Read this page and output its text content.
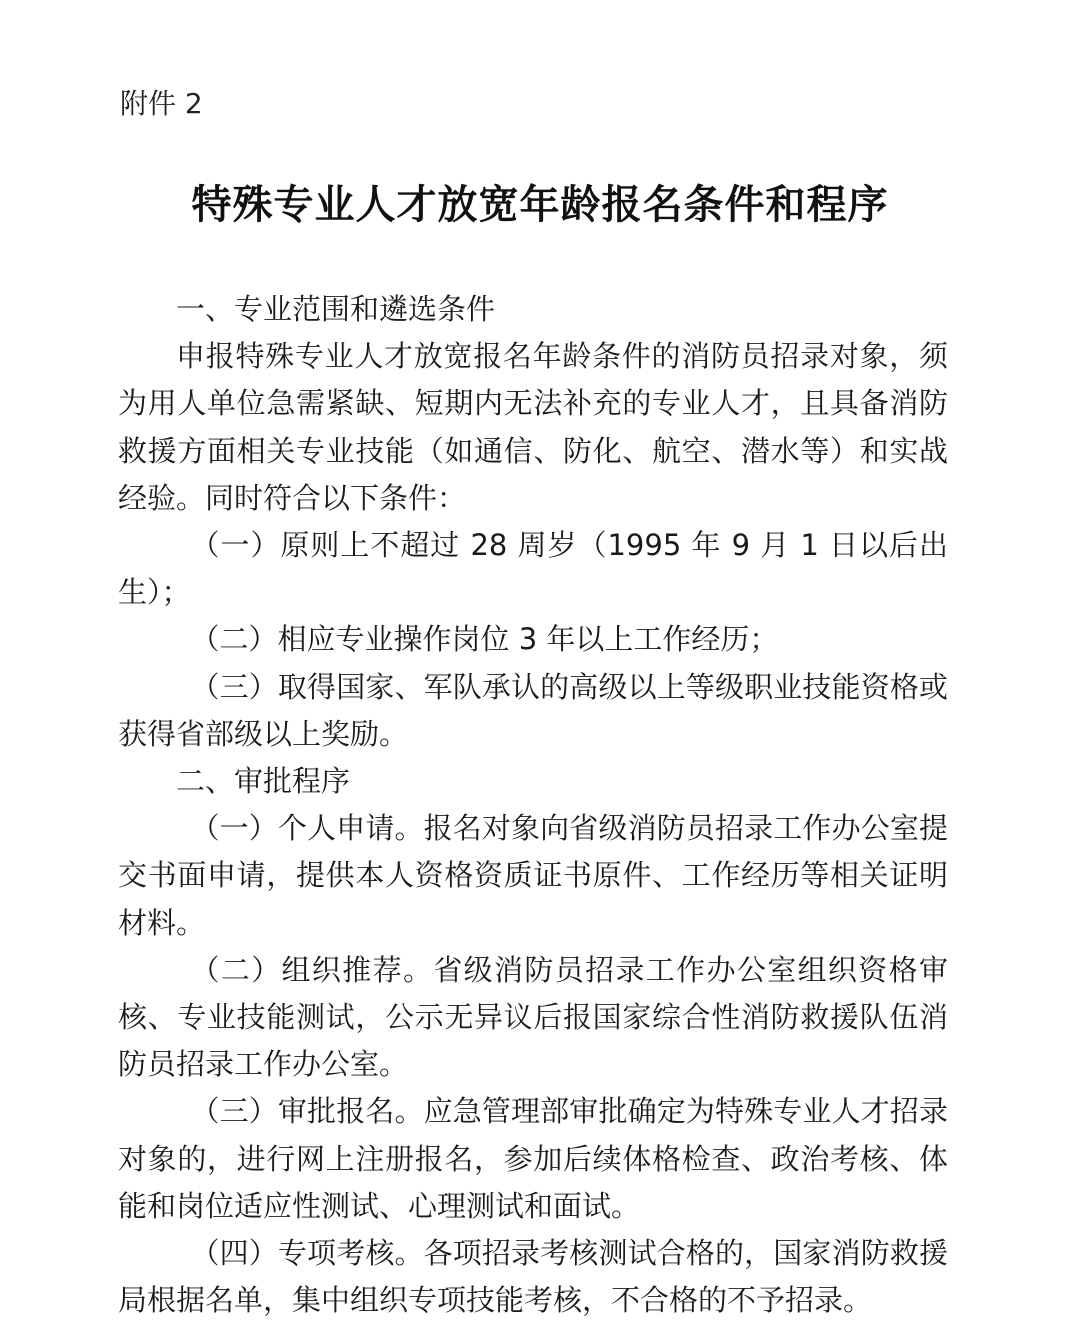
附件 2
特殊专业人才放宽年龄报名条件和程序

一、专业范围和遴选条件

申报特殊专业人才放宽报名年龄条件的消防员招录对象，须为用人单位急需紧缺、短期内无法补充的专业人才，且具备消防救援方面相关专业技能（如通信、防化、航空、潜水等）和实战经验。同时符合以下条件：

（一）原则上不超过 28 周岁（1995 年 9 月 1 日以后出生）；

（二）相应专业操作岗位 3 年以上工作经历；

（三）取得国家、军队承认的高级以上等级职业技能资格或获得省部级以上奖励。

二、审批程序

（一）个人申请。报名对象向省级消防员招录工作办公室提交书面申请，提供本人资格资质证书原件、工作经历等相关证明材料。

（二）组织推荐。省级消防员招录工作办公室组织资格审核、专业技能测试，公示无异议后报国家综合性消防救援队伍消防员招录工作办公室。

（三）审批报名。应急管理部审批确定为特殊专业人才招录对象的，进行网上注册报名，参加后续体格检查、政治考核、体能和岗位适应性测试、心理测试和面试。

（四）专项考核。各项招录考核测试合格的，国家消防救援局根据名单，集中组织专项技能考核，不合格的不予招录。
